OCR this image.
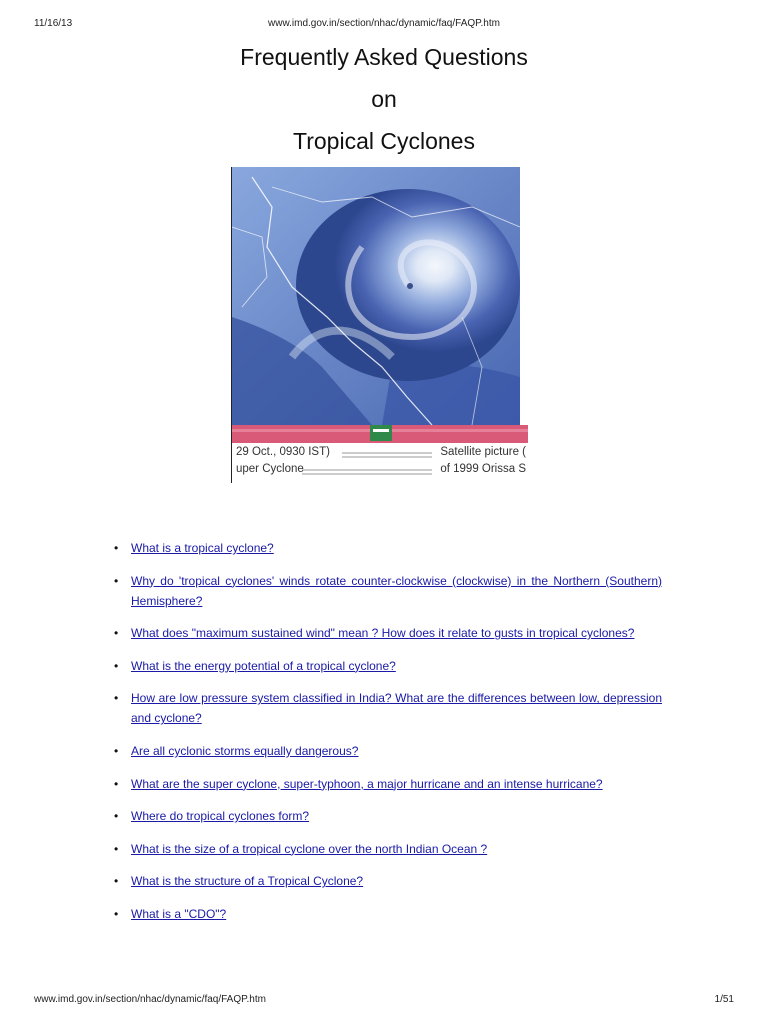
11/16/13	www.imd.gov.in/section/nhac/dynamic/faq/FAQP.htm

Frequently Asked Questions

on

Tropical Cyclones

29 Oct., 0930 IST)	Satellite picture (
uper Cyclone	of 1999 Orissa S
• What is a tropical cyclone?
• Why do 'tropical cyclones' winds rotate counter-clockwise (clockwise) in the Northern (Southern) Hemisphere?
• What does "maximum sustained wind" mean ? How does it relate to gusts in tropical cyclones?
• What is the energy potential of a tropical cyclone?
• How are low pressure system classified in India? What are the differences between low, depression and cyclone?
• Are all cyclonic storms equally dangerous?
• What are the super cyclone, super-typhoon, a major hurricane and an intense hurricane?
• Where do tropical cyclones form?
• What is the size of a tropical cyclone over the north Indian Ocean ?
• What is the structure of a Tropical Cyclone?
• What is a "CDO"?
www.imd.gov.in/section/nhac/dynamic/faq/FAQP.htm	1/51
